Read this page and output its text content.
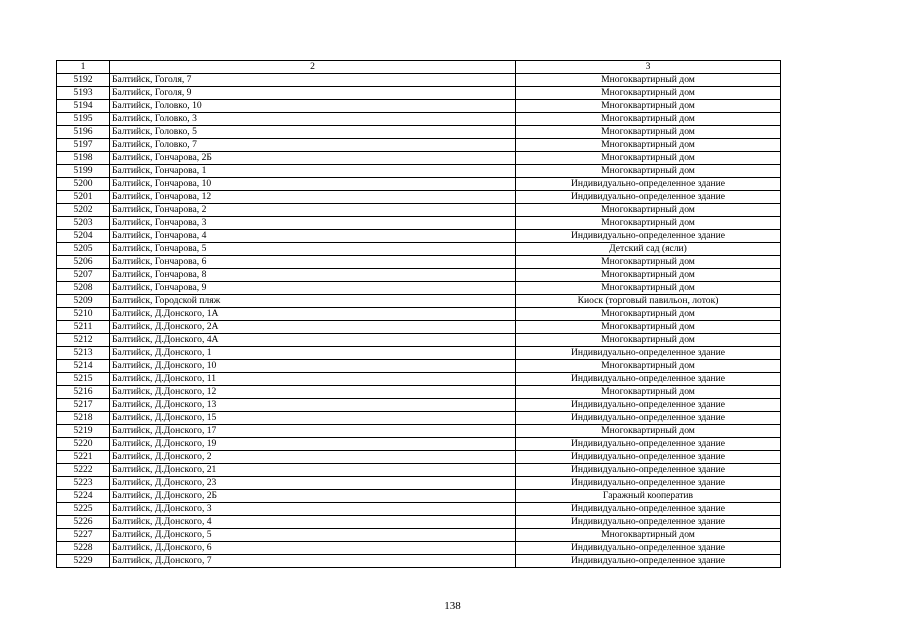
1	2	3
5192	Балтийск, Гоголя, 7	Многоквартирный дом
5193	Балтийск, Гоголя, 9	Многоквартирный дом
5194	Балтийск, Головко, 10	Многоквартирный дом
5195	Балтийск, Головко, 3	Многоквартирный дом
5196	Балтийск, Головко, 5	Многоквартирный дом
5197	Балтийск, Головко, 7	Многоквартирный дом
5198	Балтийск, Гончарова, 2Б	Многоквартирный дом
5199	Балтийск, Гончарова, 1	Многоквартирный дом
5200	Балтийск, Гончарова, 10	Индивидуально-определенное здание
5201	Балтийск, Гончарова, 12	Индивидуально-определенное здание
5202	Балтийск, Гончарова, 2	Многоквартирный дом
5203	Балтийск, Гончарова, 3	Многоквартирный дом
5204	Балтийск, Гончарова, 4	Индивидуально-определенное здание
5205	Балтийск, Гончарова, 5	Детский сад (ясли)
5206	Балтийск, Гончарова, 6	Многоквартирный дом
5207	Балтийск, Гончарова, 8	Многоквартирный дом
5208	Балтийск, Гончарова, 9	Многоквартирный дом
5209	Балтийск, Городской пляж	Киоск (торговый павильон, лоток)
5210	Балтийск, Д.Донского, 1А	Многоквартирный дом
5211	Балтийск, Д.Донского, 2А	Многоквартирный дом
5212	Балтийск, Д.Донского, 4А	Многоквартирный дом
5213	Балтийск, Д.Донского, 1	Индивидуально-определенное здание
5214	Балтийск, Д.Донского, 10	Многоквартирный дом
5215	Балтийск, Д.Донского, 11	Индивидуально-определенное здание
5216	Балтийск, Д.Донского, 12	Многоквартирный дом
5217	Балтийск, Д.Донского, 13	Индивидуально-определенное здание
5218	Балтийск, Д.Донского, 15	Индивидуально-определенное здание
5219	Балтийск, Д.Донского, 17	Многоквартирный дом
5220	Балтийск, Д.Донского, 19	Индивидуально-определенное здание
5221	Балтийск, Д.Донского, 2	Индивидуально-определенное здание
5222	Балтийск, Д.Донского, 21	Индивидуально-определенное здание
5223	Балтийск, Д.Донского, 23	Индивидуально-определенное здание
5224	Балтийск, Д.Донского, 2Б	Гаражный кооператив
5225	Балтийск, Д.Донского, 3	Индивидуально-определенное здание
5226	Балтийск, Д.Донского, 4	Индивидуально-определенное здание
5227	Балтийск, Д.Донского, 5	Многоквартирный дом
5228	Балтийск, Д.Донского, 6	Индивидуально-определенное здание
5229	Балтийск, Д.Донского, 7	Индивидуально-определенное здание
138
